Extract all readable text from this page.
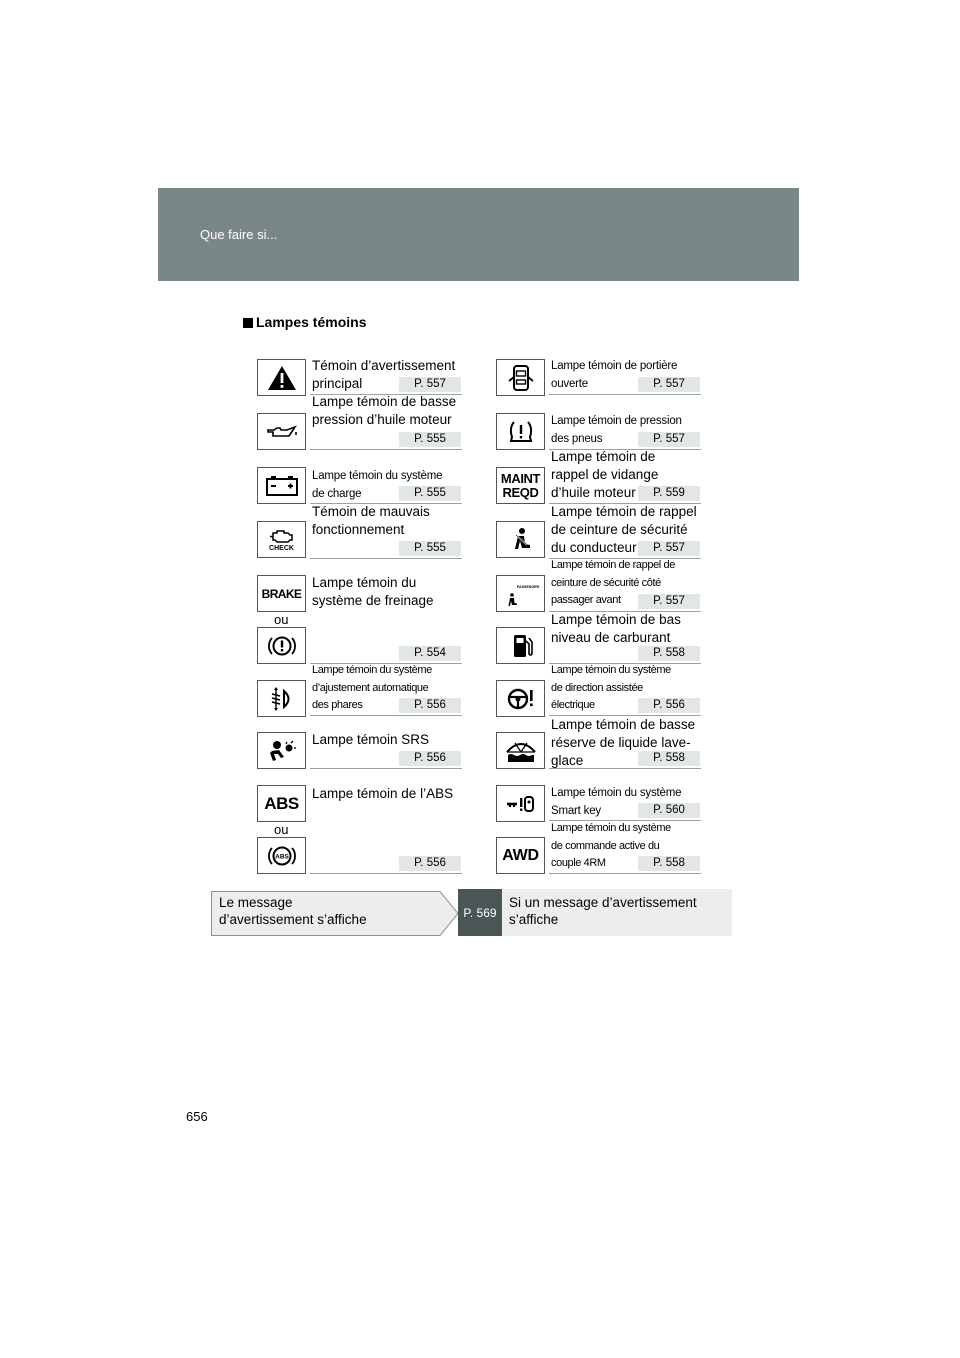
Que faire si...
Lampes témoins
Témoin d’avertissement
principal	P. 557
Lampe témoin de basse
pression d’huile moteur
P. 555
Lampe témoin du système
de charge	P. 555
CHECK
Témoin de mauvais
fonctionnement
P. 555
BRAKE
ou
Lampe témoin du
système de freinage
P. 554
Lampe témoin du système
d’ajustement automatique
des phares	P. 556
Lampe témoin SRS
P. 556
ABS
ou
ABS
Lampe témoin de l’ABS
P. 556
Lampe témoin de portière
ouverte	P. 557
Lampe témoin de pression
des pneus	P. 557
MAINT
REQD
Lampe témoin de
rappel de vidange
d’huile moteur	P. 559
Lampe témoin de rappel
de ceinture de sécurité
du conducteur	P. 557
PASSENGER
Lampe témoin de rappel de
ceinture de sécurité côté
passager avant	P. 557
Lampe témoin de bas
niveau de carburant
P. 558
Lampe témoin du système
de direction assistée
électrique	P. 556
Lampe témoin de basse
réserve de liquide lave-
glace	P. 558
Lampe témoin du système
Smart key	P. 560
AWD
Lampe témoin du système
de commande active du
couple 4RM	P. 558
Le message
d’avertissement s’affiche	P. 569
Si un message d’avertissement
s’affiche
656
